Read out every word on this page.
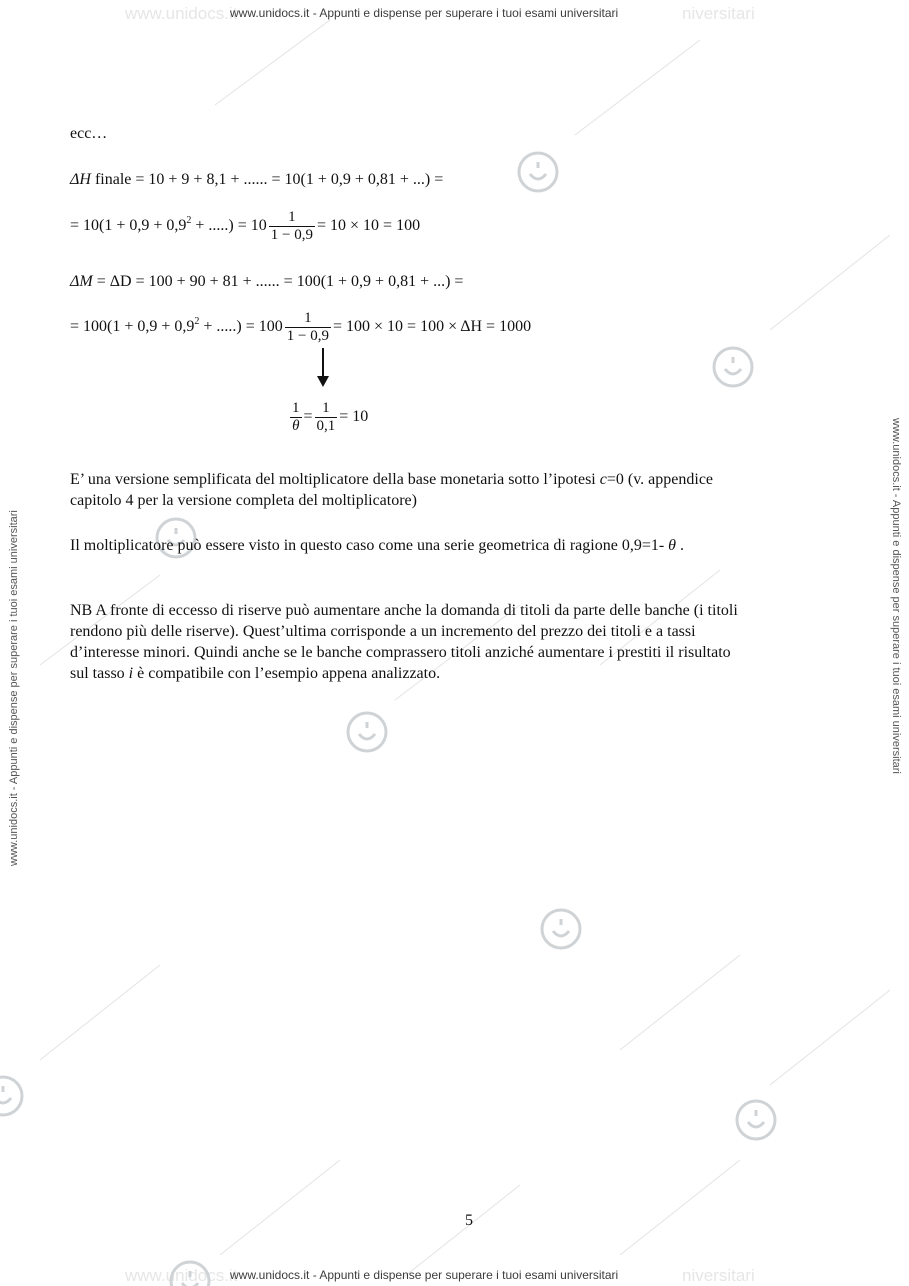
www.unidocs.it	niversitari
www.unidocs.it	niversitari
www.unidocs.it - Appunti e dispense per superare i tuoi esami universitari
www.unidocs.it - Appunti e dispense per superare i tuoi esami universitari
www.unidocs.it - Appunti e dispense per superare i tuoi esami universitari	www.unidocs.it - Appunti e dispense per superare i tuoi esami universitari
ecc…
ΔH finale = 10 + 9 + 8,1 + ...... = 10(1 + 0,9 + 0,81 + ...) =
= $10(1 + 0,9 + 0,9^2$ + .....) = $10 \frac{1}{1 - 0,9} = 10 \times 10 = 100$
ΔM = ΔD = 100 + 90 + 81 + ...... = 100(1 + 0,9 + 0,81 + ...) =
= $100(1 + 0,9 + 0,9^2$ + .....) = $100 \frac{1}{1 - 0,9} = 100 \times 10 = 100 \times \Delta H = 1000$
$\frac{1}{\theta} = \frac{1}{0,1} = 10$
E’ una versione semplificata del moltiplicatore della base monetaria sotto l’ipotesi c=0 (v. appendice
capitolo 4 per la versione completa del moltiplicatore)
Il moltiplicatore può essere visto in questo caso come una serie geometrica di ragione 0,9=1- θ .
NB A fronte di eccesso di riserve può aumentare anche la domanda di titoli da parte delle banche (i titoli
rendono più delle riserve). Quest’ultima corrisponde a un incremento del prezzo dei titoli e a tassi
d’interesse minori. Quindi anche se le banche comprassero titoli anziché aumentare i prestiti il risultato
sul tasso i è compatibile con l’esempio appena analizzato.
5
